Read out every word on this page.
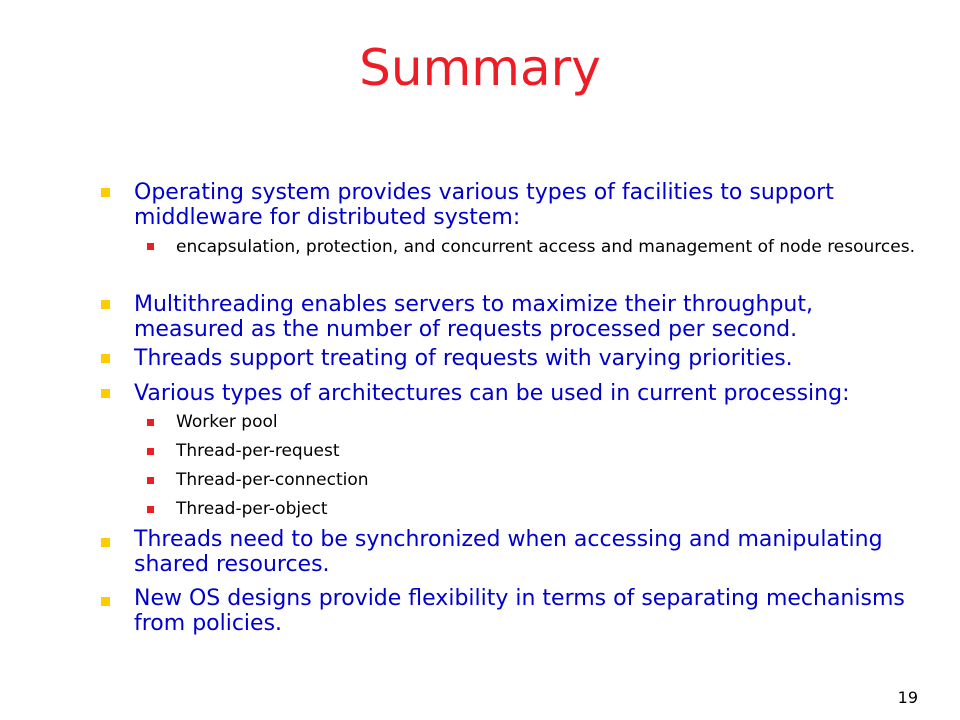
Summary
Operating system provides various types of facilities to support middleware for distributed system:
encapsulation, protection, and concurrent access and management of node resources.
Multithreading enables servers to maximize their throughput, measured as the number of requests processed per second.
Threads support treating of requests with varying priorities.
Various types of architectures can be used in current processing:
Worker pool
Thread-per-request
Thread-per-connection
Thread-per-object
Threads need to be synchronized when accessing and manipulating shared resources.
New OS designs provide flexibility in terms of separating mechanisms from policies.
19
